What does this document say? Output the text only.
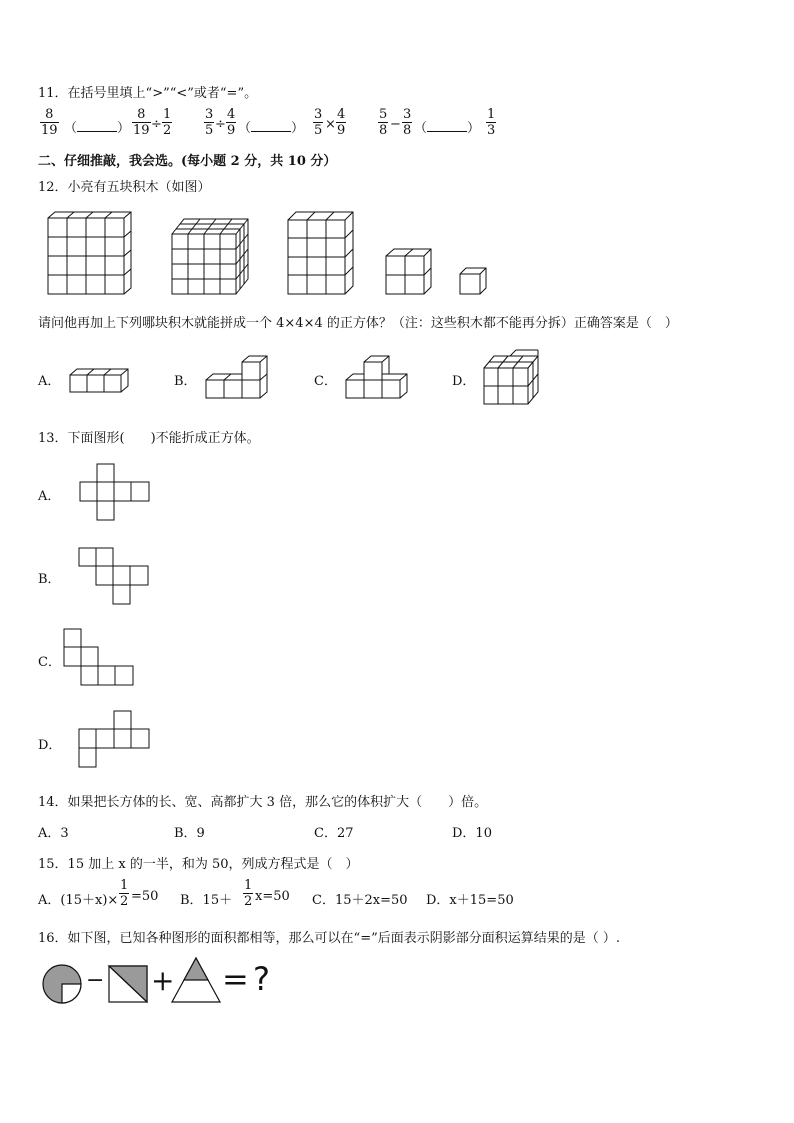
11．在括号里填上“>”“<”或者“=”。
$\frac{8}{19}$ （	） $\frac{8}{19} \div \frac{1}{2} \frac{3}{5} \div \frac{4}{9}$ （	） $\frac{3}{5} \times \frac{4}{9} \frac{5}{8} - \frac{3}{8}$ （	） $\frac{1}{3}$
二、仔细推敲，我会选。(每小题 2 分，共 10 分）
12．小亮有五块积木（如图）
请问他再加上下列哪块积木就能拼成一个 4×4×4 的正方体？（注：这些积木都不能再分拆）正确答案是（　）
A．	B．	C．	D．
13．下面图形(　　)不能折成正方体。
A．
B．
C．
D．
14．如果把长方体的长、宽、高都扩大 3 倍，那么它的体积扩大（　　）倍。
A．3	B．9	C．27	D．10
15．15 加上 x 的一半，和为 50，列成方程式是（　）
A．$(15+x)\times \frac{1}{2} =50$ B．$15+ \frac{1}{2} x=50$ C．15＋2x=50 D．x＋15=50
16．如下图，已知各种图形的面积都相等，那么可以在“=”后面表示阴影部分面积运算结果的是（ ）.
− + = ?
